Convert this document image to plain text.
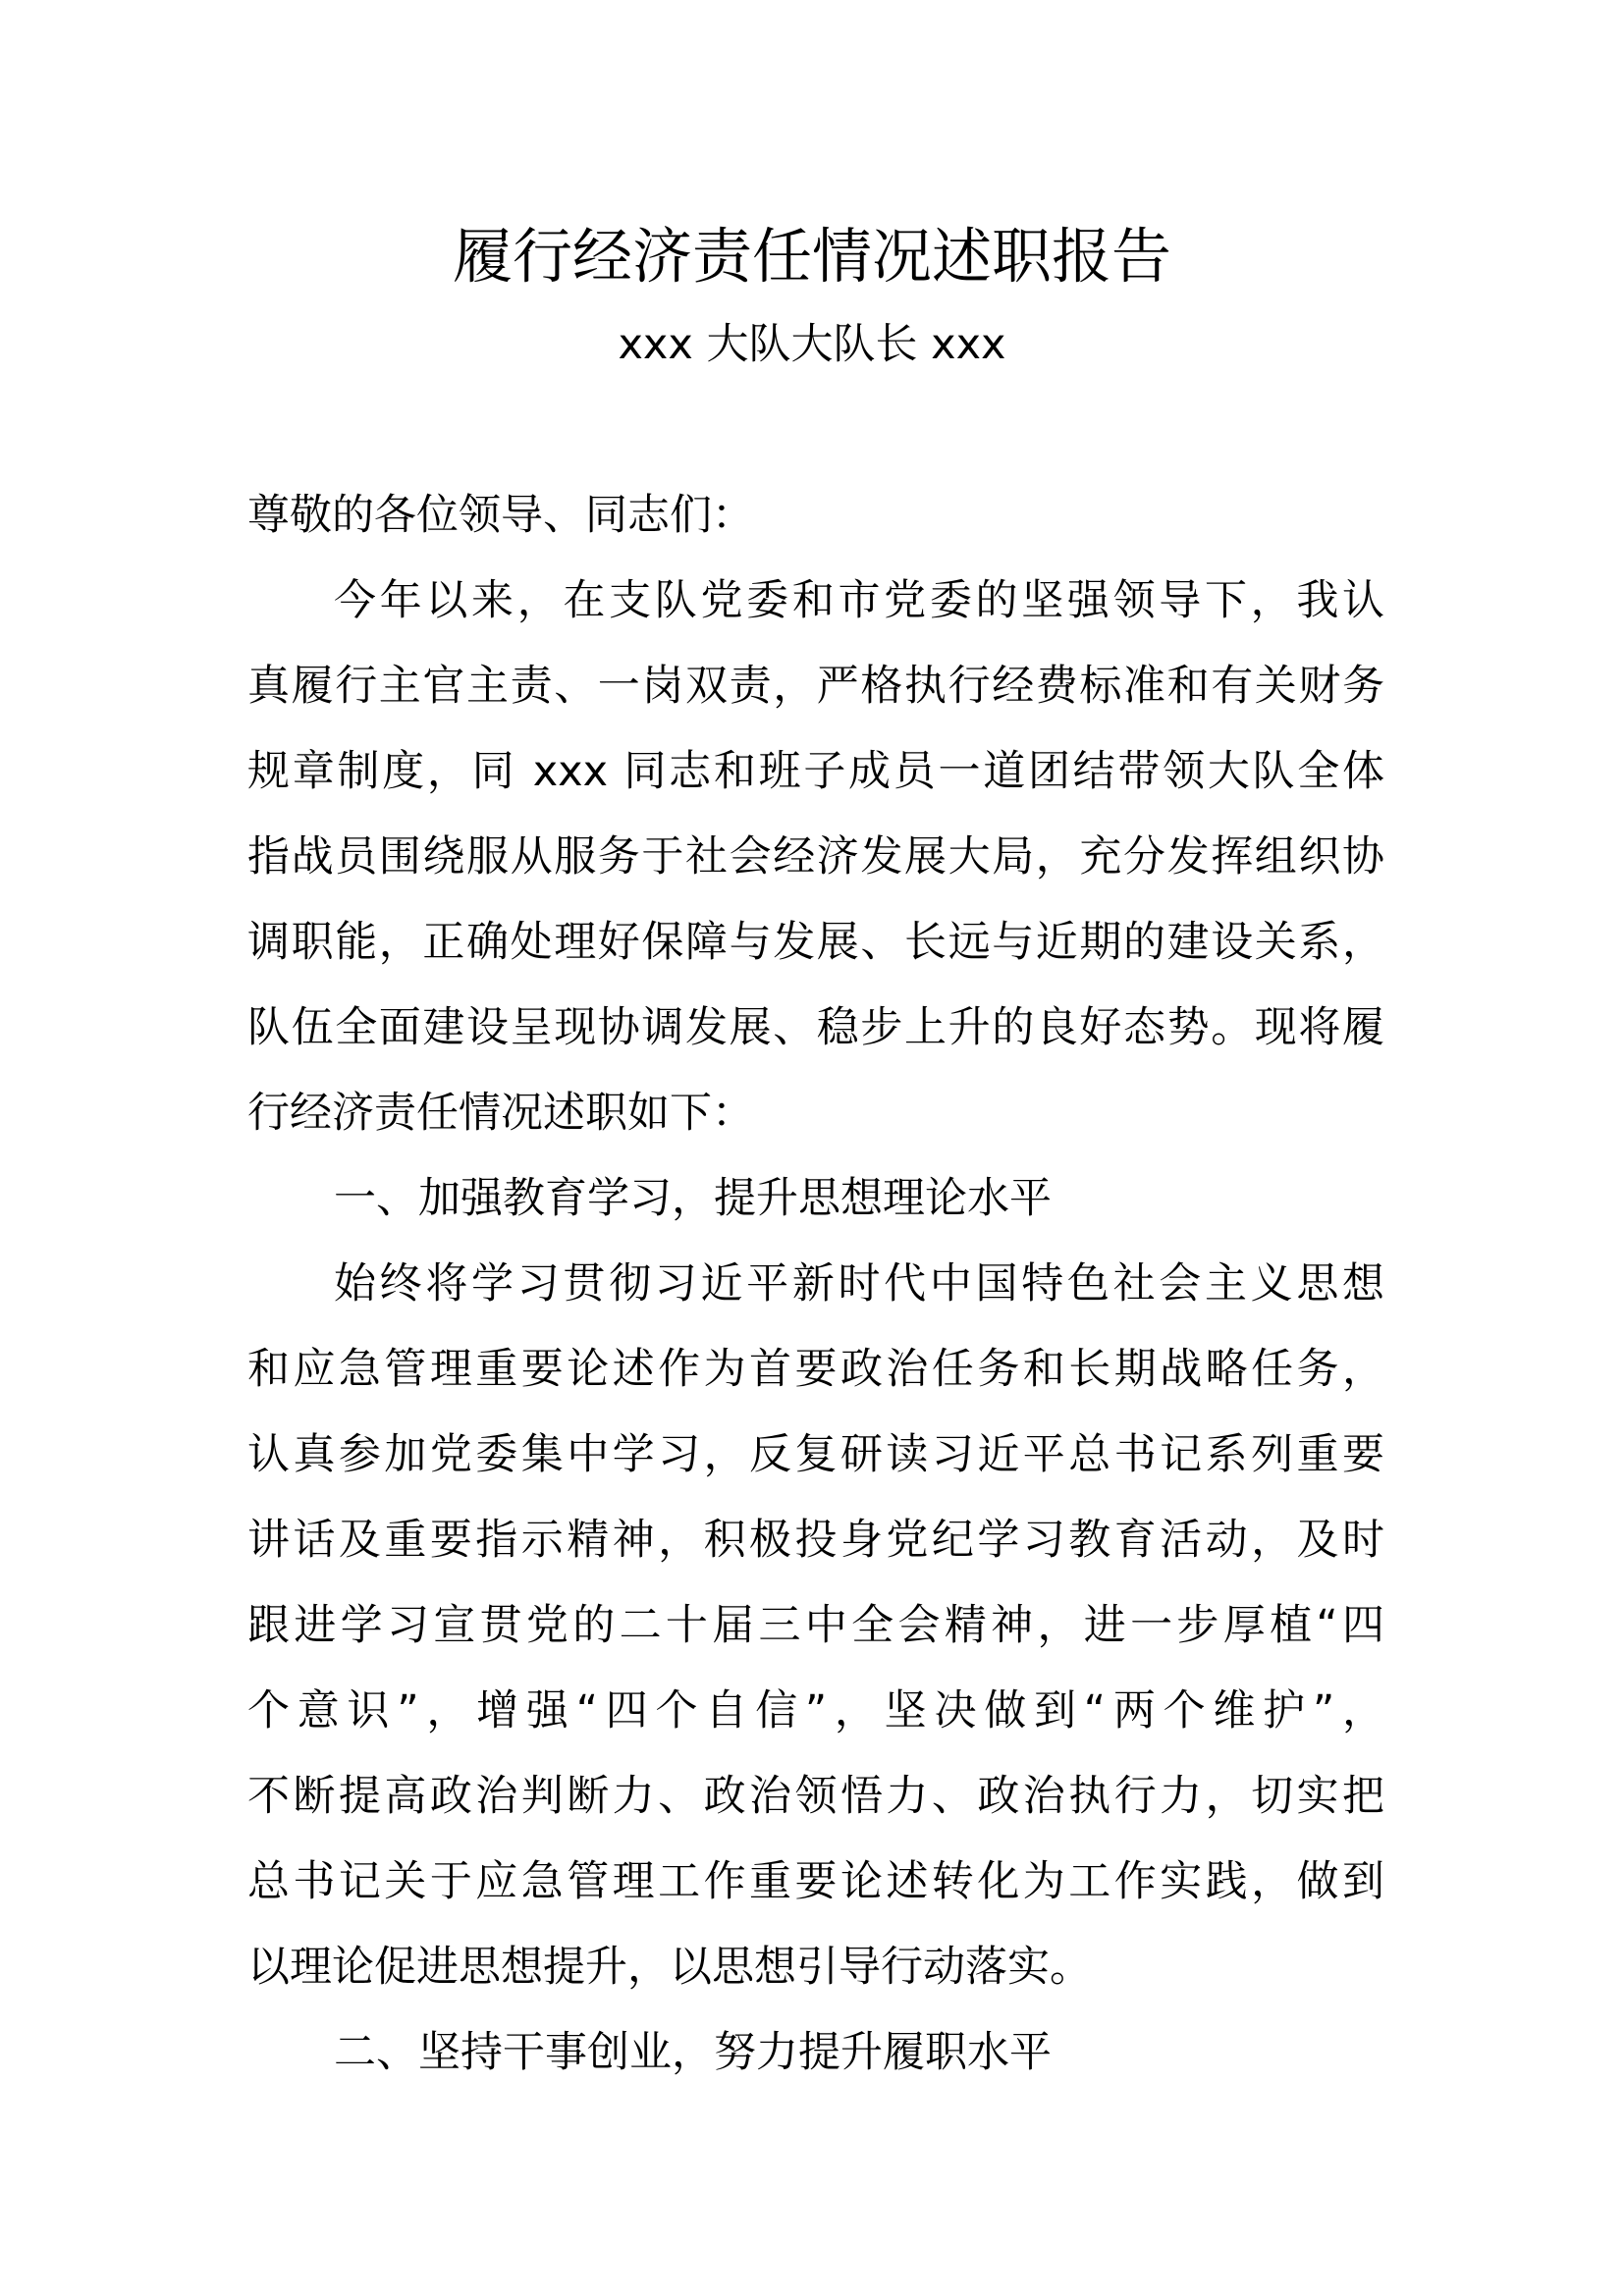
履行经济责任情况述职报告
xxx 大队大队长 xxx
尊敬的各位领导、同志们：
今年以来，在支队党委和市党委的坚强领导下，我认
真履行主官主责、一岗双责，严格执行经费标准和有关财务
规章制度，同 xxx 同志和班子成员一道团结带领大队全体
指战员围绕服从服务于社会经济发展大局，充分发挥组织协
调职能，正确处理好保障与发展、长远与近期的建设关系，
队伍全面建设呈现协调发展、稳步上升的良好态势。现将履
行经济责任情况述职如下：
一、加强教育学习，提升思想理论水平
始终将学习贯彻习近平新时代中国特色社会主义思想
和应急管理重要论述作为首要政治任务和长期战略任务，
认真参加党委集中学习，反复研读习近平总书记系列重要
讲话及重要指示精神，积极投身党纪学习教育活动，及时
跟进学习宣贯党的二十届三中全会精神，进一步厚植“四
个意识”，增强“四个自信”，坚决做到“两个维护”，
不断提高政治判断力、政治领悟力、政治执行力，切实把
总书记关于应急管理工作重要论述转化为工作实践，做到
以理论促进思想提升，以思想引导行动落实。
二、坚持干事创业，努力提升履职水平
